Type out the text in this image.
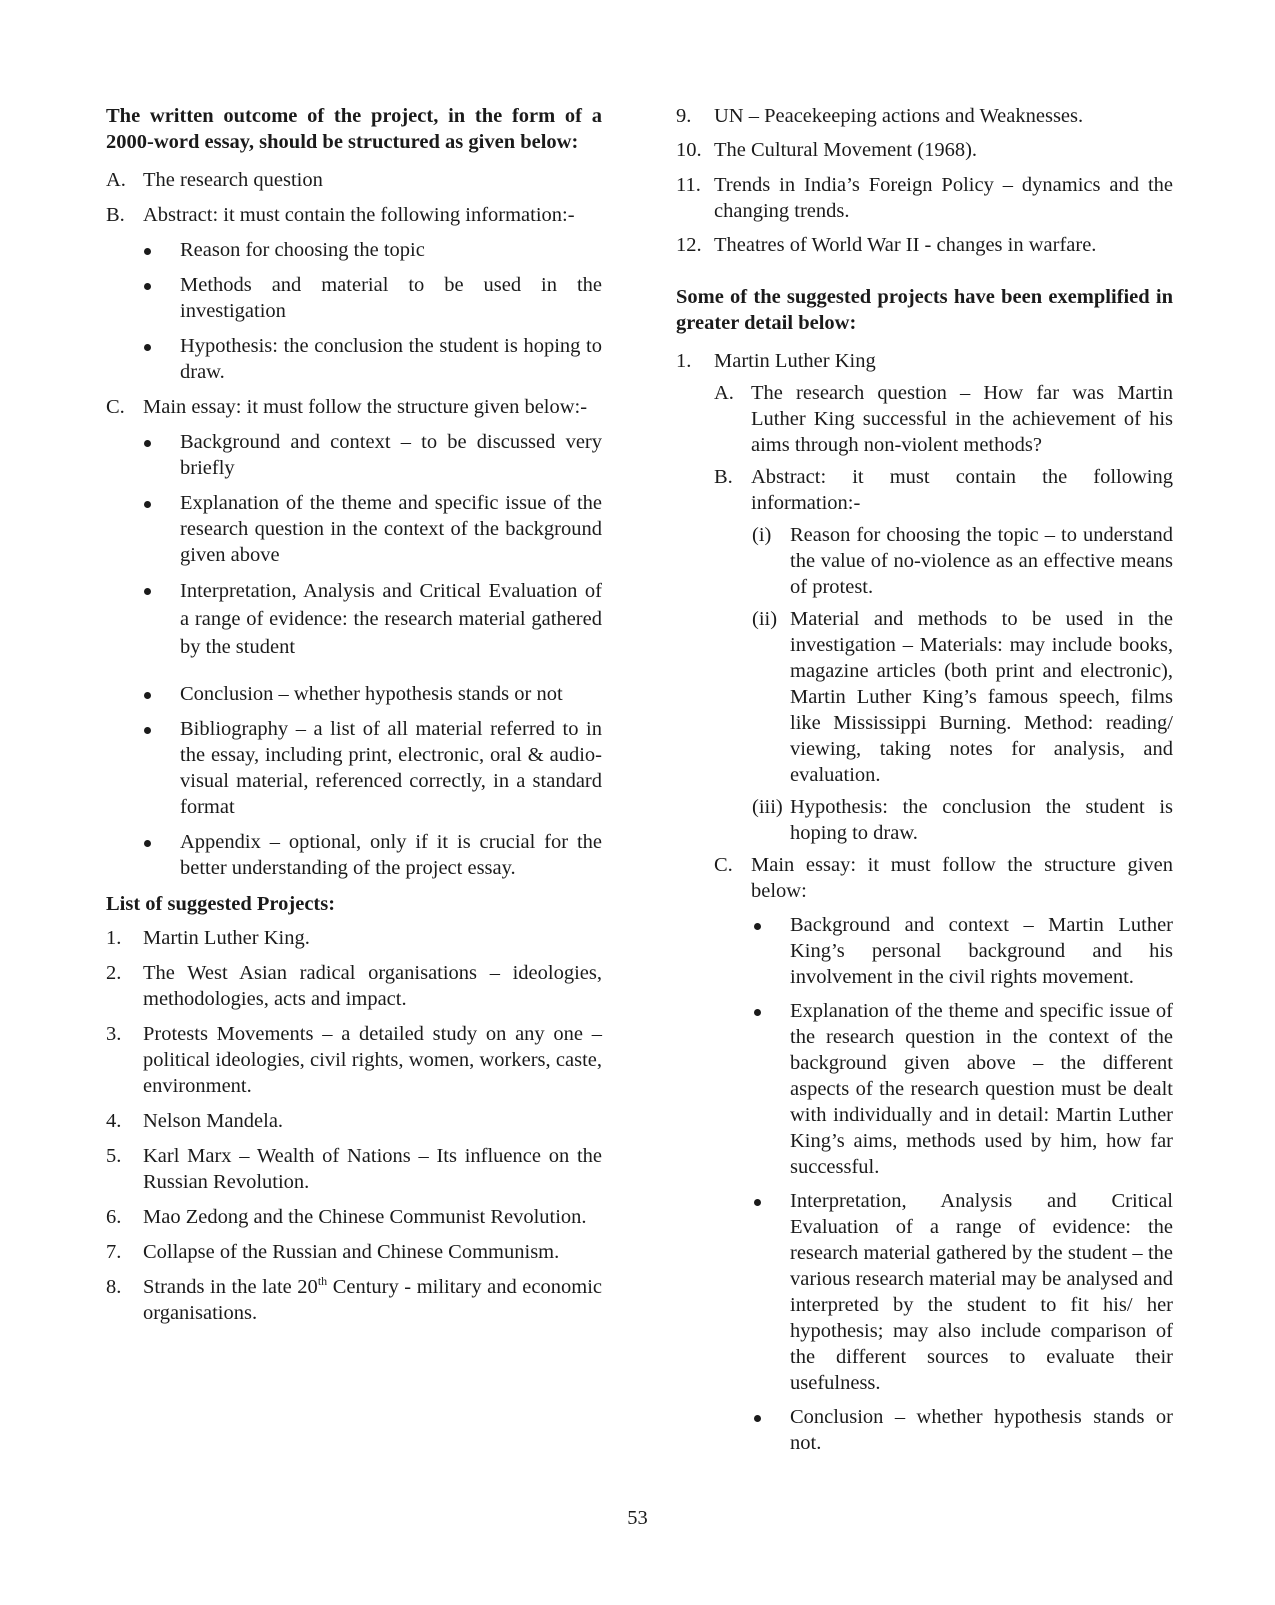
The written outcome of the project, in the form of a 2000-word essay, should be structured as given below:

A. The research question
B. Abstract: it must contain the following information:-
Reason for choosing the topic
Methods and material to be used in the investigation
Hypothesis: the conclusion the student is hoping to draw.
C. Main essay: it must follow the structure given below:-
Background and context – to be discussed very briefly
Explanation of the theme and specific issue of the research question in the context of the background given above
Interpretation, Analysis and Critical Evaluation of a range of evidence: the research material gathered by the student
Conclusion – whether hypothesis stands or not
Bibliography – a list of all material referred to in the essay, including print, electronic, oral & audio-visual material, referenced correctly, in a standard format
Appendix – optional, only if it is crucial for the better understanding of the project essay.

List of suggested Projects:

1.	Martin Luther King.
2.	The West Asian radical organisations – ideologies, methodologies, acts and impact.
3.	Protests Movements – a detailed study on any one – political ideologies, civil rights, women, workers, caste, environment.
4.	Nelson Mandela.
5.	Karl Marx – Wealth of Nations – Its influence on the Russian Revolution.
6.	Mao Zedong and the Chinese Communist Revolution.
7.	Collapse of the Russian and Chinese Communism.
8.	Strands in the late 20th Century - military and economic organisations.
9.	UN – Peacekeeping actions and Weaknesses.
10. The Cultural Movement (1968).
11. Trends in India’s Foreign Policy – dynamics and the changing trends.
12. Theatres of World War II - changes in warfare.

Some of the suggested projects have been exemplified in greater detail below:

1.	Martin Luther King
A. The research question – How far was Martin Luther King successful in the achievement of his aims through non-violent methods?
B. Abstract: it must contain the following information:-
(i) Reason for choosing the topic – to understand the value of no-violence as an effective means of protest.
(ii) Material and methods to be used in the investigation – Materials: may include books, magazine articles (both print and electronic), Martin Luther King’s famous speech, films like Mississippi Burning. Method: reading/ viewing, taking notes for analysis, and evaluation.
(iii) Hypothesis: the conclusion the student is hoping to draw.
C. Main essay: it must follow the structure given below:
Background and context – Martin Luther King’s personal background and his involvement in the civil rights movement.
Explanation of the theme and specific issue of the research question in the context of the background given above – the different aspects of the research question must be dealt with individually and in detail: Martin Luther King’s aims, methods used by him, how far successful.
Interpretation, Analysis and Critical Evaluation of a range of evidence: the research material gathered by the student – the various research material may be analysed and interpreted by the student to fit his/ her hypothesis; may also include comparison of the different sources to evaluate their usefulness.
Conclusion – whether hypothesis stands or not.
53
